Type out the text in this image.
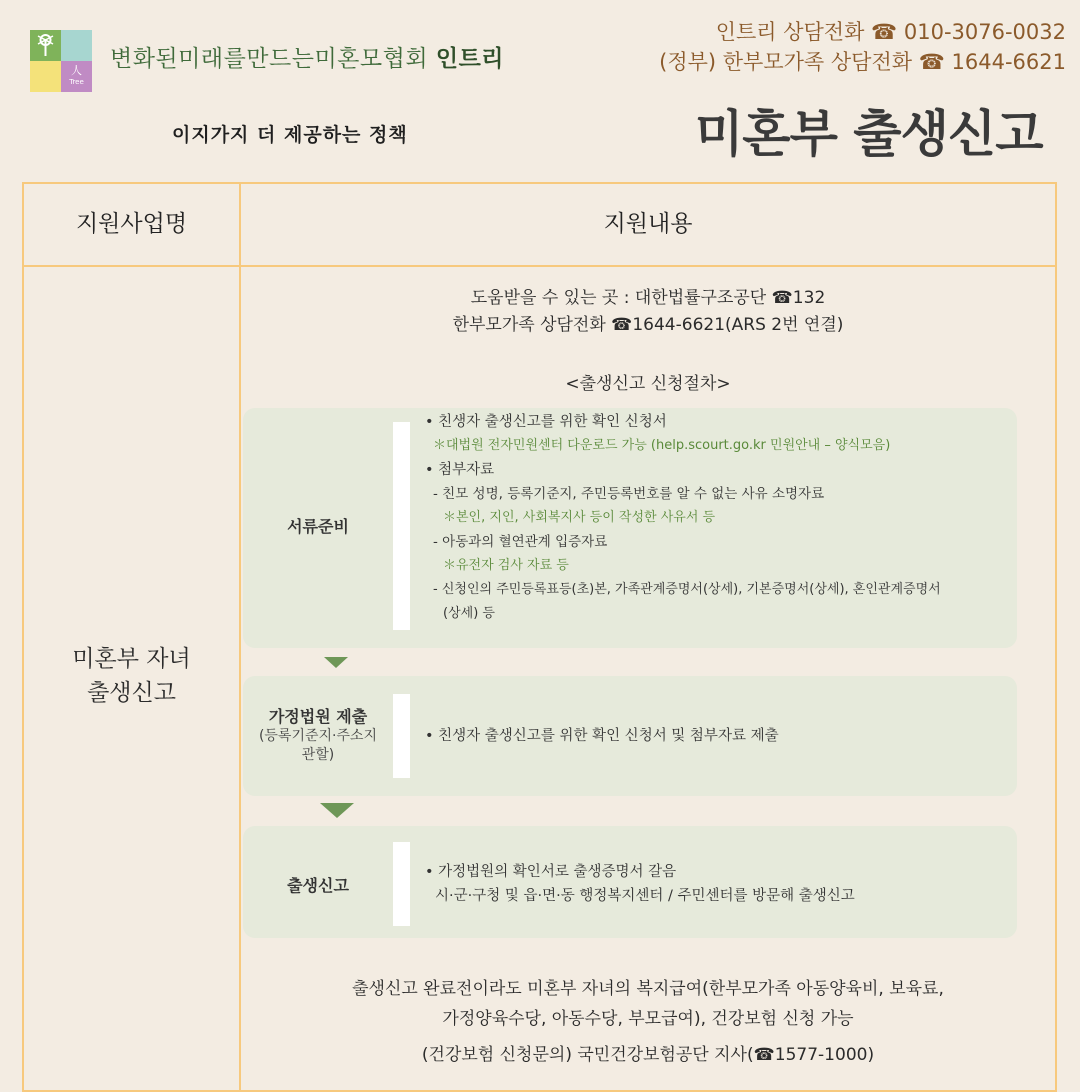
人
Tree
변화된미래를만드는미혼모협회 인트리
인트리 상담전화 ☎ 010-3076-0032
(정부) 한부모가족 상담전화 ☎ 1644-6621
이지가지 더 제공하는 정책	미혼부 출생신고
지원사업명	지원내용
미혼부 자녀
출생신고
도움받을 수 있는 곳 : 대한법률구조공단 ☎132
한부모가족 상담전화 ☎1644-6621(ARS 2번 연결)
<출생신고 신청절차>
서류준비
• 친생자 출생신고를 위한 확인 신청서
＊대법원 전자민원센터 다운로드 가능 (help.scourt.go.kr 민원안내 – 양식모음)
• 첨부자료
- 친모 성명, 등록기준지, 주민등록번호를 알 수 없는 사유 소명자료
＊본인, 지인, 사회복지사 등이 작성한 사유서 등
- 아동과의 혈연관계 입증자료
＊유전자 검사 자료 등
- 신청인의 주민등록표등(초)본, 가족관계증명서(상세), 기본증명서(상세), 혼인관계증명서
(상세) 등
가정법원 제출
(등록기준지·주소지
관할)
• 친생자 출생신고를 위한 확인 신청서 및 첨부자료 제출
출생신고
• 가정법원의 확인서로 출생증명서 갈음
시·군·구청 및 읍·면·동 행정복지센터 / 주민센터를 방문해 출생신고
출생신고 완료전이라도 미혼부 자녀의 복지급여(한부모가족 아동양육비, 보육료,
가정양육수당, 아동수당, 부모급여), 건강보험 신청 가능
(건강보험 신청문의) 국민건강보험공단 지사(☎1577-1000)
